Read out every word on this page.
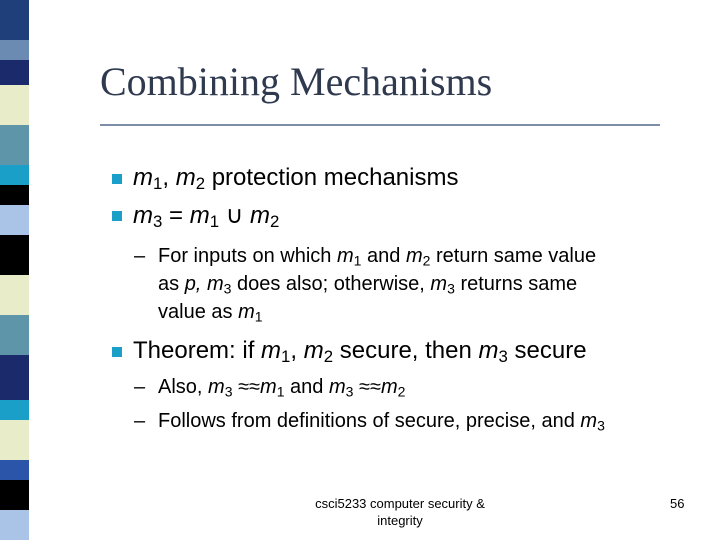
Combining Mechanisms
m1, m2 protection mechanisms
m3 = m1 ∪ m2
– For inputs on which m1 and m2 return same value
as p, m3 does also; otherwise, m3 returns same
value as m1
Theorem: if m1, m2 secure, then m3 secure
– Also, m3 ≈≈m1 and m3 ≈≈m2
– Follows from definitions of secure, precise, and m3
csci5233 computer security &
integrity
56
